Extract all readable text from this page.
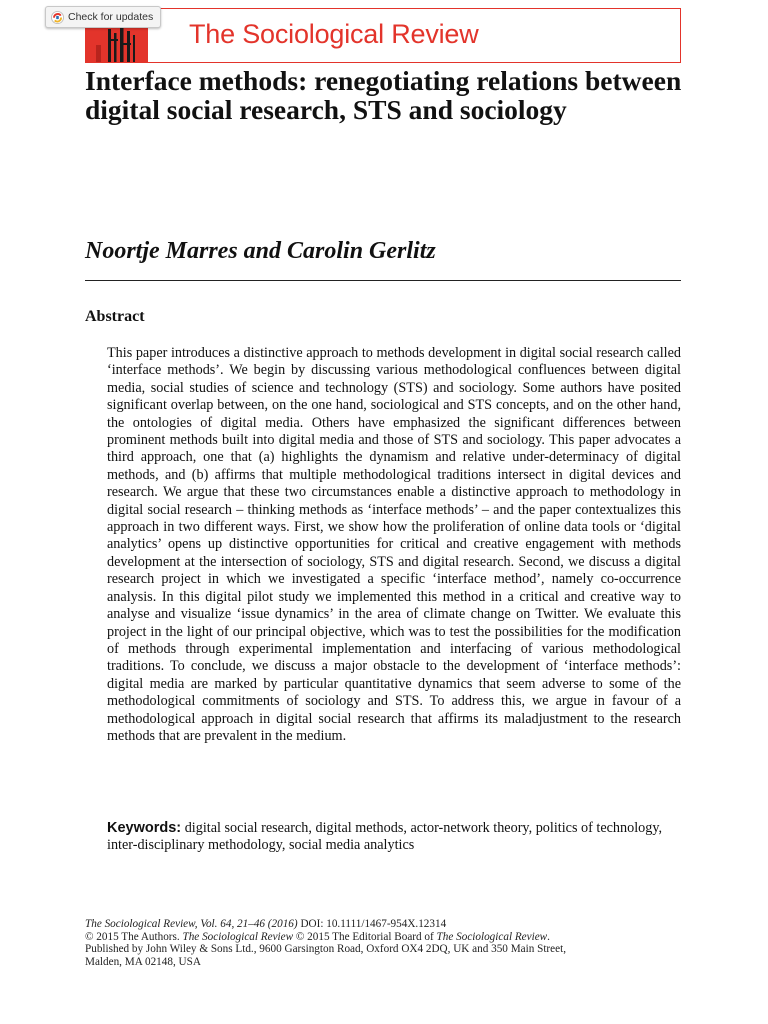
Check for updates
The Sociological Review
Interface methods: renegotiating relations between digital social research, STS and sociology
Noortje Marres and Carolin Gerlitz
Abstract

This paper introduces a distinctive approach to methods development in digital social research called ‘interface methods’. We begin by discussing various methodological confluences between digital media, social studies of science and technology (STS) and sociology. Some authors have posited significant overlap between, on the one hand, sociological and STS concepts, and on the other hand, the ontologies of digital media. Others have emphasized the significant differences between prominent methods built into digital media and those of STS and sociology. This paper advocates a third approach, one that (a) highlights the dynamism and relative under-determinacy of digital methods, and (b) affirms that multiple methodological traditions intersect in digital devices and research. We argue that these two circumstances enable a distinctive approach to methodology in digital social research – thinking methods as ‘interface methods’ – and the paper contextualizes this approach in two different ways. First, we show how the proliferation of online data tools or ‘digital analytics’ opens up distinctive opportunities for critical and creative engagement with methods development at the intersection of sociology, STS and digital research. Second, we discuss a digital research project in which we investigated a specific ‘interface method’, namely co-occurrence analysis. In this digital pilot study we implemented this method in a critical and creative way to analyse and visualize ‘issue dynamics’ in the area of climate change on Twitter. We evaluate this project in the light of our principal objective, which was to test the possibilities for the modification of methods through experimental implementation and interfacing of various methodological traditions. To conclude, we discuss a major obstacle to the development of ‘interface methods’: digital media are marked by particular quantitative dynamics that seem adverse to some of the methodological commitments of sociology and STS. To address this, we argue in favour of a methodological approach in digital social research that affirms its maladjustment to the research methods that are prevalent in the medium.

Keywords: digital social research, digital methods, actor-network theory, politics of technology, inter-disciplinary methodology, social media analytics

The Sociological Review, Vol. 64, 21–46 (2016) DOI: 10.1111/1467-954X.12314
© 2015 The Authors. The Sociological Review © 2015 The Editorial Board of The Sociological Review.
Published by John Wiley & Sons Ltd., 9600 Garsington Road, Oxford OX4 2DQ, UK and 350 Main Street,
Malden, MA 02148, USA
